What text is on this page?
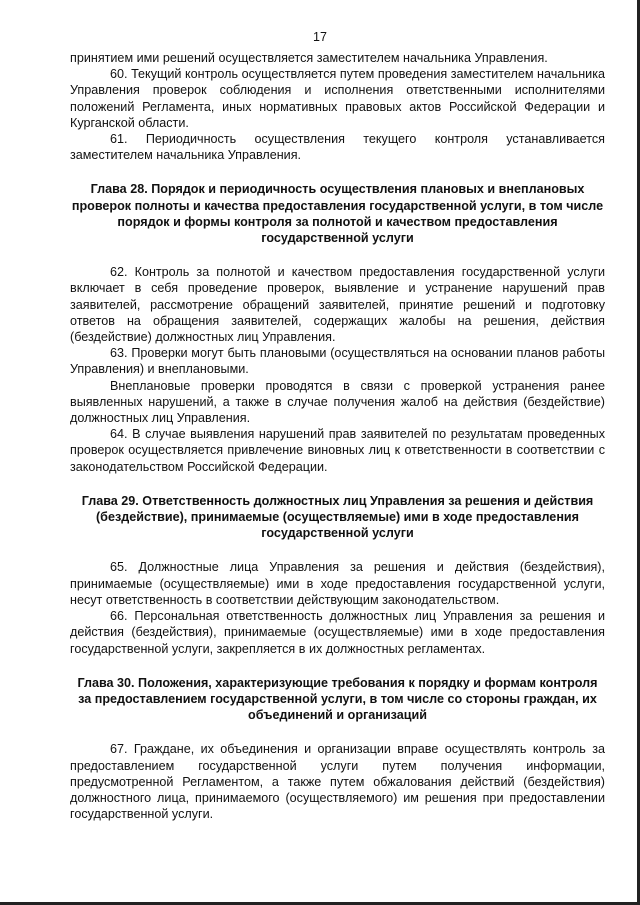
17

принятием ими решений осуществляется заместителем начальника Управления.

60. Текущий контроль осуществляется путем проведения заместителем начальника Управления проверок соблюдения и исполнения ответственными исполнителями положений Регламента, иных нормативных правовых актов Российской Федерации и Курганской области.

61. Периодичность осуществления текущего контроля устанавливается заместителем начальника Управления.

Глава 28. Порядок и периодичность осуществления плановых и внеплановых проверок полноты и качества предоставления государственной услуги, в том числе порядок и формы контроля за полнотой и качеством предоставления государственной услуги

62. Контроль за полнотой и качеством предоставления государственной услуги включает в себя проведение проверок, выявление и устранение нарушений прав заявителей, рассмотрение обращений заявителей, принятие решений и подготовку ответов на обращения заявителей, содержащих жалобы на решения, действия (бездействие) должностных лиц Управления.

63. Проверки могут быть плановыми (осуществляться на основании планов работы Управления) и внеплановыми.

Внеплановые проверки проводятся в связи с проверкой устранения ранее выявленных нарушений, а также в случае получения жалоб на действия (бездействие) должностных лиц Управления.

64. В случае выявления нарушений прав заявителей по результатам проведенных проверок осуществляется привлечение виновных лиц к ответственности в соответствии с законодательством Российской Федерации.

Глава 29. Ответственность должностных лиц Управления за решения и действия (бездействие), принимаемые (осуществляемые) ими в ходе предоставления государственной услуги

65. Должностные лица Управления за решения и действия (бездействия), принимаемые (осуществляемые) ими в ходе предоставления государственной услуги, несут ответственность в соответствии действующим законодательством.

66. Персональная ответственность должностных лиц Управления за решения и действия (бездействия), принимаемые (осуществляемые) ими в ходе предоставления государственной услуги, закрепляется в их должностных регламентах.

Глава 30. Положения, характеризующие требования к порядку и формам контроля за предоставлением государственной услуги, в том числе со стороны граждан, их объединений и организаций

67. Граждане, их объединения и организации вправе осуществлять контроль за предоставлением государственной услуги путем получения информации, предусмотренной Регламентом, а также путем обжалования действий (бездействия) должностного лица, принимаемого (осуществляемого) им решения при предоставлении государственной услуги.
